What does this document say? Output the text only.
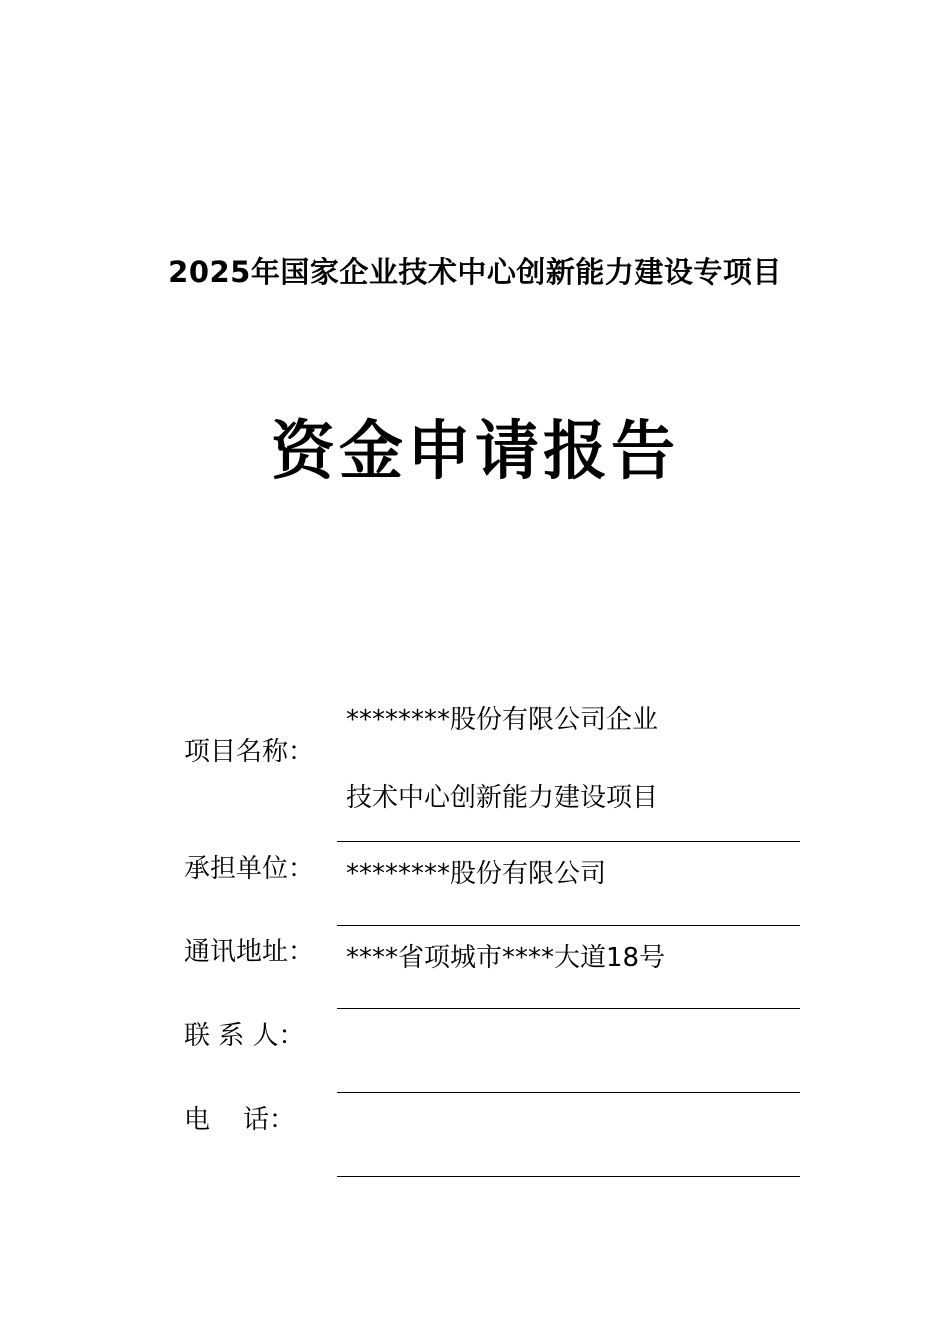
2025年国家企业技术中心创新能力建设专项目
资金申请报告
********股份有限公司企业
项目名称：
技术中心创新能力建设项目
承担单位： ********股份有限公司
通讯地址： ****省项城市****大道18号
联 系 人：
电    话：
